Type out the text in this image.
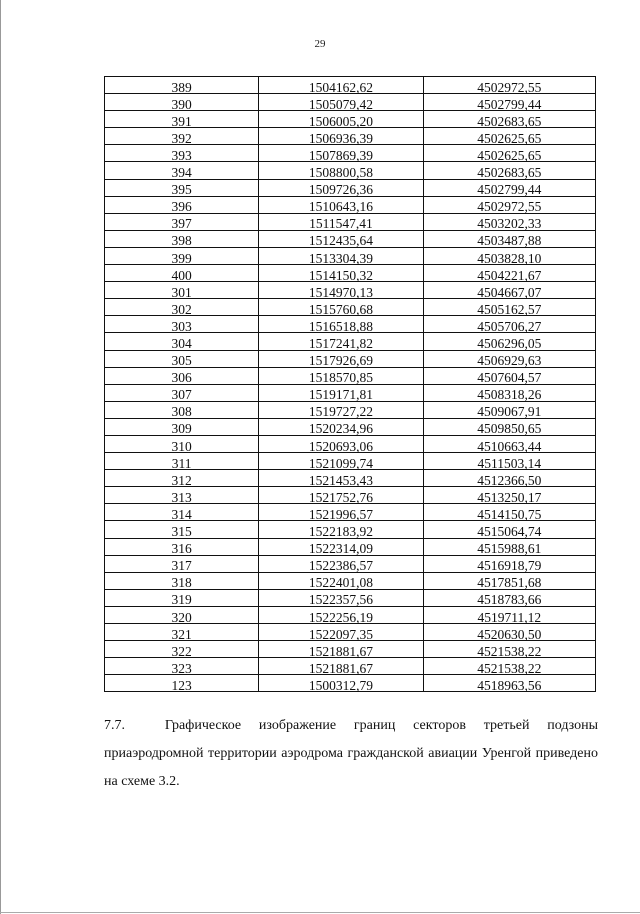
29
389	1504162,62	4502972,55
390	1505079,42	4502799,44
391	1506005,20	4502683,65
392	1506936,39	4502625,65
393	1507869,39	4502625,65
394	1508800,58	4502683,65
395	1509726,36	4502799,44
396	1510643,16	4502972,55
397	1511547,41	4503202,33
398	1512435,64	4503487,88
399	1513304,39	4503828,10
400	1514150,32	4504221,67
301	1514970,13	4504667,07
302	1515760,68	4505162,57
303	1516518,88	4505706,27
304	1517241,82	4506296,05
305	1517926,69	4506929,63
306	1518570,85	4507604,57
307	1519171,81	4508318,26
308	1519727,22	4509067,91
309	1520234,96	4509850,65
310	1520693,06	4510663,44
311	1521099,74	4511503,14
312	1521453,43	4512366,50
313	1521752,76	4513250,17
314	1521996,57	4514150,75
315	1522183,92	4515064,74
316	1522314,09	4515988,61
317	1522386,57	4516918,79
318	1522401,08	4517851,68
319	1522357,56	4518783,66
320	1522256,19	4519711,12
321	1522097,35	4520630,50
322	1521881,67	4521538,22
323	1521881,67	4521538,22
123	1500312,79	4518963,56
7.7.	Графическое изображение границ секторов третьей подзоны приаэродромной территории аэродрома гражданской авиации Уренгой приведено на схеме 3.2.
